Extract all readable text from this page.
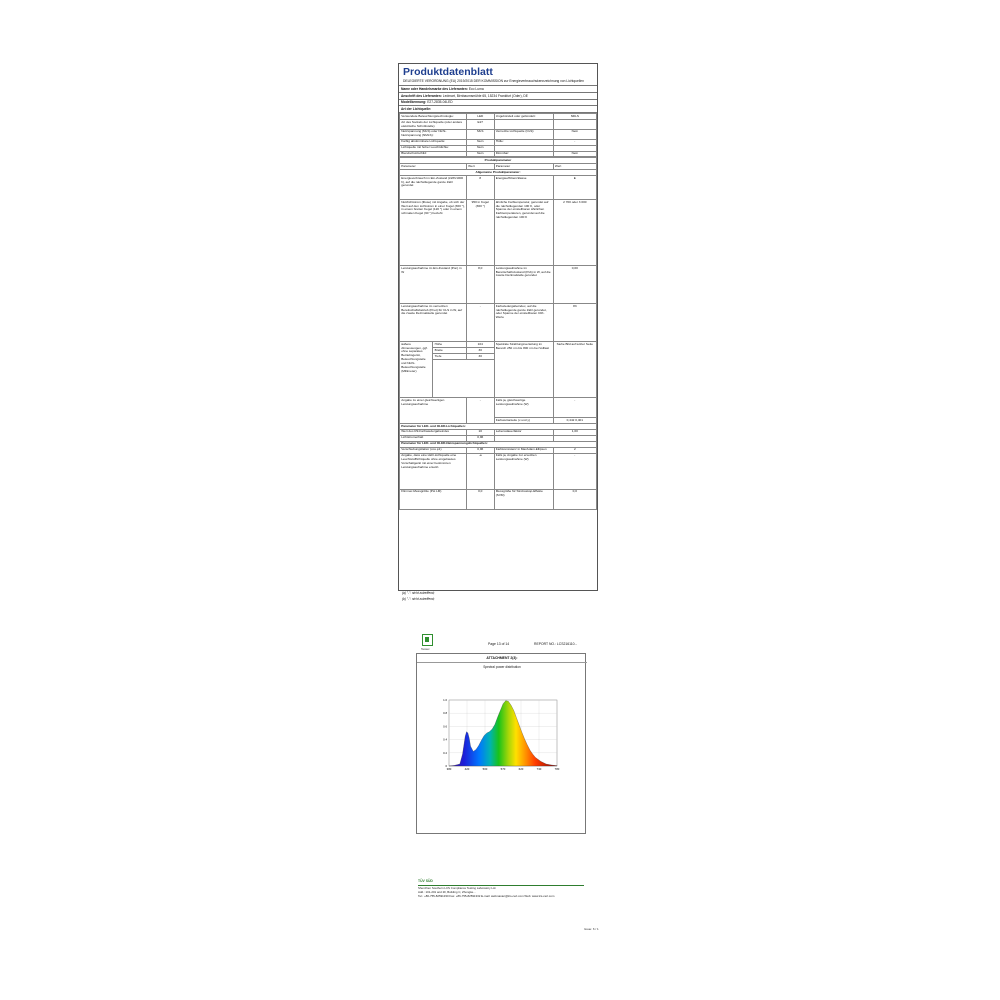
Produktdatenblatt
DELEGIERTE VERORDNUNG (EU) 2019/2015 DER KOMMISSION zur Energieverbrauchskennzeichnung von Lichtquellen
Name oder Handelsmarke des Lieferanten: Eco Luma
Anschrift des Lieferanten: Ledmart, Birnbaumsmühle 65, 15234 Frankfurt (Oder), DE
Modellkennung: E27-2835-04LED
Art der Lichtquelle:
Verwendete Beleuchtungstechnologie:	LED	Ungebündelt oder gebündelt:	NDLS
Art des Sockels der Lichtquelle (oder andere elektrische Schnittstelle)	E27		
Netzspannung (MLS) oder Nicht-Netzspannung (NMLS):	MLS	Vernetzte Lichtquelle (CLS):	Nein
Farbig abstimmbare Lichtquelle:	Nein	Hülle:	-
Lichtquelle mit hoher Leuchtdichte:	Nein		
Blendschutzschild:	Nein	Dimmbar:	Nein
Produktparameter				
Parameter		Wert	Parameter	Wert
Allgemeine Produktparameter:				
Energieverbrauch im Ein-Zustand (kWh/1000 h), auf die nächstliegende ganze Zahl gerundet		8	Energieeffizienzklasse	E
Nutzlichtstrom (Φuse) mit Angabe, ob sich der Wert auf den Lichtstrom in einer Kugel (360 °), in einem breiten Kegel (120 °) oder in einem schmalen Kegel (90 °) bezieht		950 in Kugel (360 °)	ähnliche Farbtemperatur, gerundet auf die nächstliegenden 100 K, oder Spanne der einstellbaren ähnlichen Farbtemperaturen, gerundet auf die nächstliegenden 100 K	2 700 oder 3 000
Leistungsaufnahme im Ein-Zustand (Pon) in W		8,0	Leistungsaufnahme im Bereitschaftszustand (Psb) in W, auf die zweite Dezimalstelle gerundet	0,00
Leistungsaufnahme im vernetzten Bereitschaftsbetrieb (Pnet) für CLS in W, auf die zweite Dezimalstelle gerundet		-	Farbwiedergabeindex, auf die nächstliegende ganze Zahl gerundet, oder Spanne der einstellbaren CRI-Werte	83
äußere Abmessungen, ggf. ohne separates Betriebsgerät, Beleuchtungsteile und Nicht-Beleuchtungsteile (Millimeter)	Höhe	104	Spektrale Strahlungsverteilung im Bereich 250 nm bis 800 nm bei Volllast	Siehe Bild auf letzter Seite
	Breite	30		
	Tiefe	30		

Angabe zu einer gleichwertigen Leistungsaufnahme		-	Falls ja, gleichwertige Leistungsaufnahme (W)	-
			Farbwertanteile (x und y)	0,442 0,401
Parameter für LED- und OLED-Lichtquellen:				
Wert des R9-Farbwiedergabeindex		10	Lebensdauerfaktor	1,00
Lichtstromerhalt		0,96		
Parameter für LED- und OLED-Netzspannungslichtquellen:				
Verschiebungsfaktor (cos φ1)		0,96	Farbkonsistenz in MacAdam-Ellipsen	2
Angabe, dass eine LED-Lichtquelle eine Leuchtstofflichtquelle ohne eingebautes Vorschaltgerät mit einer bestimmten Leistungsaufnahme ersetzt.		-a	Falls ja, Angabe zur ersetzten Leistungsaufnahme (W)	-
Flimmer-Messgröße (Pst LM)		0,0	Messgröße für Stroboskop-Effekte (SVM)	0,0
(a) "-": nicht zutreffend;
(b) "-": nicht zutreffend;
Testec
Page 13 of 14	REPORT NO.: LCS216110...
ATTACHMENT 2(3):
Spectral power distribution
0
0.2
0.4
0.6
0.8
1.0
380	420	500	570	620	730	780
TÜV SÜD
Shenzhen Southern LCS Compliance Testing Laboratory Ltd.
Add.: 101-201 and 2F, Building C, Zhongke...
Tel.: +86-755-82591330 Fax: +86-755-82591332 E-mail: webmaster@lcs-cert.com Web: www.lcs-cert.com
Issue: 6 / 1
